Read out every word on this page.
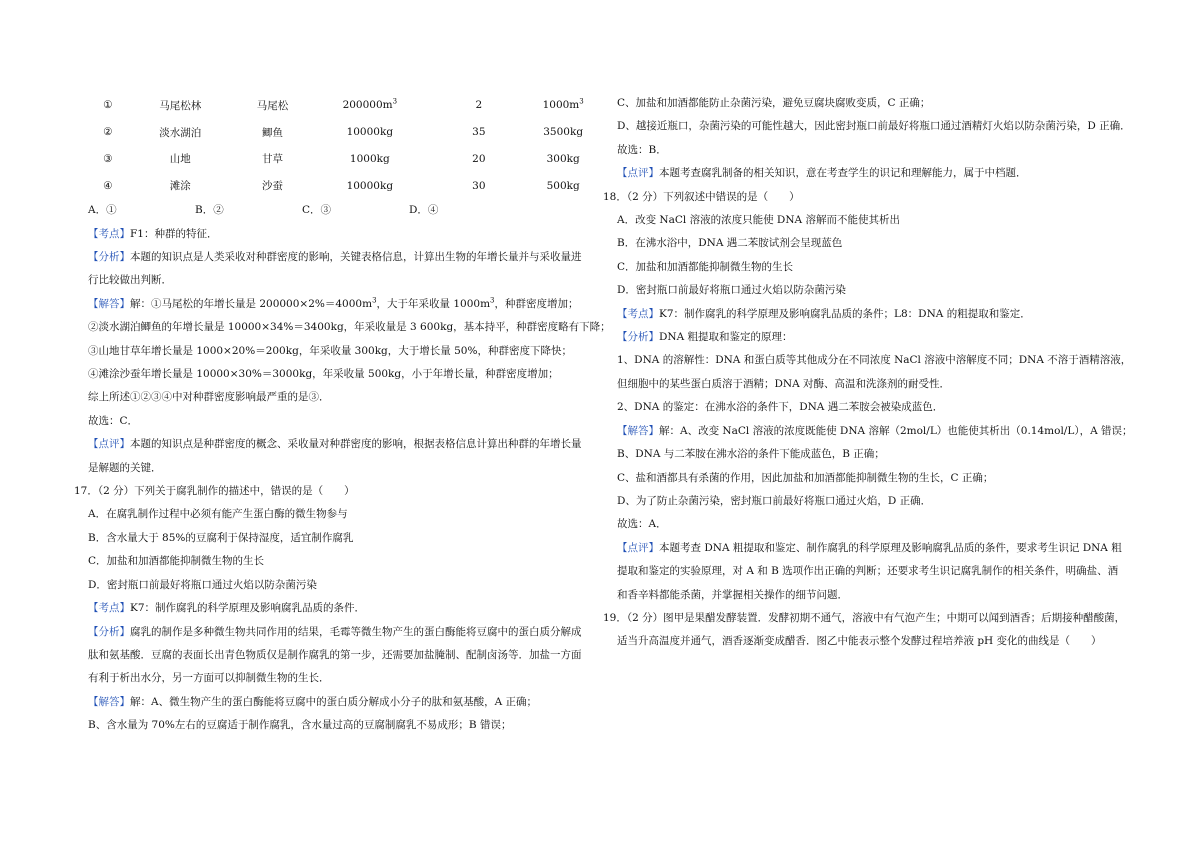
①	马尾松林	马尾松	$200000m^3$	2	$1000m^3$
②	淡水湖泊	鲫鱼	10000kg	35	3500kg
③	山地	甘草	1000kg	20	300kg
④	滩涂	沙蚕	10000kg	30	500kg
A．①	B．②	C．③	D．④
【考点】F1：种群的特征．
【分析】本题的知识点是人类采收对种群密度的影响，关键表格信息，计算出生物的年增长量并与采收量进
行比较做出判断．
【解答】解：①马尾松的年增长量是 $200000\times 2\%=4000m^3$，大于年采收量 $1000m^3$，种群密度增加；
②淡水湖泊鲫鱼的年增长量是 10000×34%＝3400kg，年采收量是 3 600kg，基本持平，种群密度略有下降；
③山地甘草年增长量是 1000×20%＝200kg，年采收量 300kg，大于增长量 50%，种群密度下降快；
④滩涂沙蚕年增长量是 10000×30%＝3000kg，年采收量 500kg，小于年增长量，种群密度增加；
综上所述①②③④中对种群密度影响最严重的是③．
故选：C．
【点评】本题的知识点是种群密度的概念、采收量对种群密度的影响，根据表格信息计算出种群的年增长量
是解题的关键．
17．（2 分）下列关于腐乳制作的描述中，错误的是（　　）
A．在腐乳制作过程中必须有能产生蛋白酶的微生物参与
B．含水量大于 85%的豆腐利于保持湿度，适宜制作腐乳
C．加盐和加酒都能抑制微生物的生长
D．密封瓶口前最好将瓶口通过火焰以防杂菌污染
【考点】K7：制作腐乳的科学原理及影响腐乳品质的条件．
【分析】腐乳的制作是多种微生物共同作用的结果，毛霉等微生物产生的蛋白酶能将豆腐中的蛋白质分解成
肽和氨基酸．豆腐的表面长出青色物质仅是制作腐乳的第一步，还需要加盐腌制、配制卤汤等．加盐一方面
有利于析出水分，另一方面可以抑制微生物的生长．
【解答】解：A、微生物产生的蛋白酶能将豆腐中的蛋白质分解成小分子的肽和氨基酸，A 正确；
B、含水量为 70%左右的豆腐适于制作腐乳，含水量过高的豆腐制腐乳不易成形；B 错误；
C、加盐和加酒都能防止杂菌污染，避免豆腐块腐败变质，C 正确；
D、越接近瓶口，杂菌污染的可能性越大，因此密封瓶口前最好将瓶口通过酒精灯火焰以防杂菌污染，D 正确．
故选：B．
【点评】本题考查腐乳制备的相关知识，意在考查学生的识记和理解能力，属于中档题．
18．（2 分）下列叙述中错误的是（　　）
A．改变 NaCl 溶液的浓度只能使 DNA 溶解而不能使其析出
B．在沸水浴中，DNA 遇二苯胺试剂会呈现蓝色
C．加盐和加酒都能抑制微生物的生长
D．密封瓶口前最好将瓶口通过火焰以防杂菌污染
【考点】K7：制作腐乳的科学原理及影响腐乳品质的条件；L8：DNA 的粗提取和鉴定．
【分析】DNA 粗提取和鉴定的原理：
1、DNA 的溶解性：DNA 和蛋白质等其他成分在不同浓度 NaCl 溶液中溶解度不同；DNA 不溶于酒精溶液，
但细胞中的某些蛋白质溶于酒精；DNA 对酶、高温和洗涤剂的耐受性．
2、DNA 的鉴定：在沸水浴的条件下，DNA 遇二苯胺会被染成蓝色．
【解答】解：A、改变 NaCl 溶液的浓度既能使 DNA 溶解（2mol/L）也能使其析出（0.14mol/L），A 错误；
B、DNA 与二苯胺在沸水浴的条件下能成蓝色，B 正确；
C、盐和酒都具有杀菌的作用，因此加盐和加酒都能抑制微生物的生长，C 正确；
D、为了防止杂菌污染，密封瓶口前最好将瓶口通过火焰，D 正确．
故选：A．
【点评】本题考查 DNA 粗提取和鉴定、制作腐乳的科学原理及影响腐乳品质的条件，要求考生识记 DNA 粗
提取和鉴定的实验原理，对 A 和 B 选项作出正确的判断；还要求考生识记腐乳制作的相关条件，明确盐、酒
和香辛料都能杀菌，并掌握相关操作的细节问题．
19．（2 分）图甲是果醋发酵装置．发酵初期不通气，溶液中有气泡产生；中期可以闻到酒香；后期接种醋酸菌，
适当升高温度并通气，酒香逐渐变成醋香．图乙中能表示整个发酵过程培养液 pH 变化的曲线是（　　）
